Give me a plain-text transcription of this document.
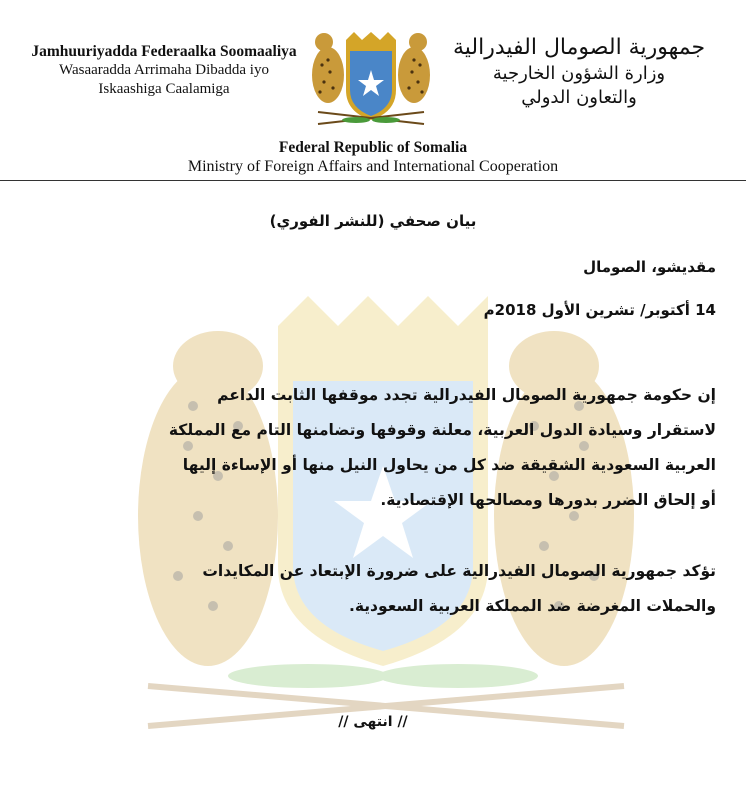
Jamhuuriyadda Federaalka Soomaaliya
Wasaaradda Arrimaha Dibadda iyo
Iskaashiga Caalamiga
جمهورية الصومال الفيدرالية
وزارة الشؤون الخارجية
والتعاون الدولي
Federal Republic of Somalia
Ministry of Foreign Affairs and International Cooperation
بيان صحفي (للنشر الفوري)
مقديشو، الصومال
14 أكتوبر/ تشرين الأول 2018م
إن حكومة جمهورية الصومال الفيدرالية تجدد موقفها الثابت الداعم
لاستقرار وسيادة الدول العربية، معلنة وقوفها وتضامنها التام مع المملكة
العربية السعودية الشقيقة ضد كل من يحاول النيل منها أو الإساءة إليها
أو إلحاق الضرر بدورها ومصالحها الإقتصادية.
تؤكد جمهورية الصومال الفيدرالية على ضرورة الإبتعاد عن المكايدات
والحملات المغرضة ضد المملكة العربية السعودية.
// انتهى //
